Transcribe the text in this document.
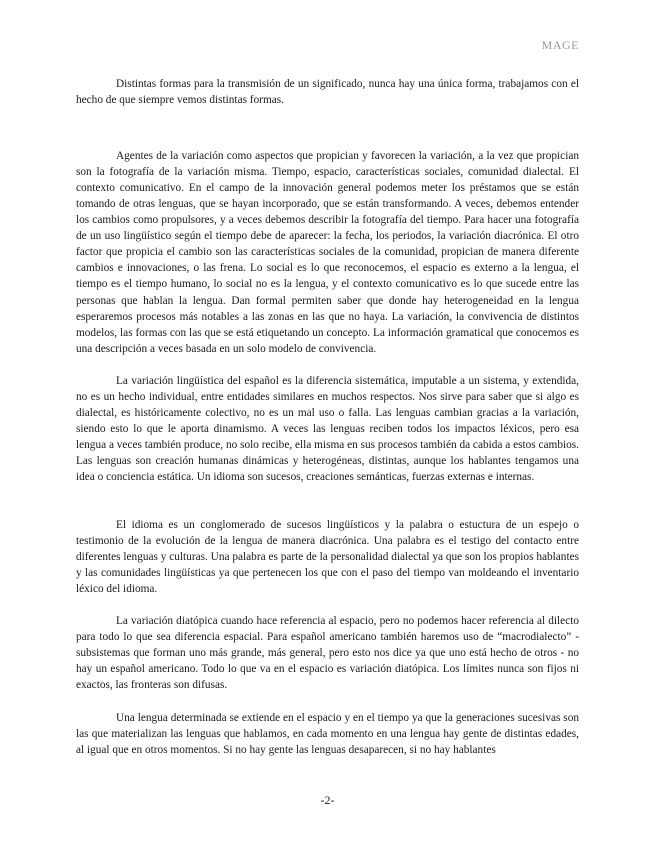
MAGE

Distintas formas para la transmisión de un significado, nunca hay una única forma, trabajamos con el hecho de que siempre vemos distintas formas.

Agentes de la variación como aspectos que propician y favorecen la variación, a la vez que propician son la fotografía de la variación misma. Tiempo, espacio, características sociales, comunidad dialectal. El contexto comunicativo. En el campo de la innovación general podemos meter los préstamos que se están tomando de otras lenguas, que se hayan incorporado, que se están transformando. A veces, debemos entender los cambios como propulsores, y a veces debemos describir la fotografía del tiempo. Para hacer una fotografía de un uso lingüístico según el tiempo debe de aparecer: la fecha, los periodos, la variación diacrónica. El otro factor que propicia el cambio son las características sociales de la comunidad, propician de manera diferente cambios e innovaciones, o las frena. Lo social es lo que reconocemos, el espacio es externo a la lengua, el tiempo es el tiempo humano, lo social no es la lengua, y el contexto comunicativo es lo que sucede entre las personas que hablan la lengua. Dan formal permiten saber que donde hay heterogeneidad en la lengua esperaremos procesos más notables a las zonas en las que no haya. La variación, la convivencia de distintos modelos, las formas con las que se está etiquetando un concepto. La información gramatical que conocemos es una descripción a veces basada en un solo modelo de convivencia.

La variación lingüística del español es la diferencia sistemática, imputable a un sistema, y extendida, no es un hecho individual, entre entidades similares en muchos respectos. Nos sirve para saber que si algo es dialectal, es históricamente colectivo, no es un mal uso o falla. Las lenguas cambian gracias a la variación, siendo esto lo que le aporta dinamismo. A veces las lenguas reciben todos los impactos léxicos, pero esa lengua a veces también produce, no solo recibe, ella misma en sus procesos también da cabida a estos cambios. Las lenguas son creación humanas dinámicas y heterogéneas, distintas, aunque los hablantes tengamos una idea o conciencia estática. Un idioma son sucesos, creaciones semánticas, fuerzas externas e internas.

El idioma es un conglomerado de sucesos lingüísticos y la palabra o estuctura de un espejo o testimonio de la evolución de la lengua de manera diacrónica. Una palabra es el testigo del contacto entre diferentes lenguas y culturas. Una palabra es parte de la personalidad dialectal ya que son los propios hablantes y las comunidades lingüísticas ya que pertenecen los que con el paso del tiempo van moldeando el inventario léxico del idioma.

La variación diatópica cuando hace referencia al espacio, pero no podemos hacer referencia al dilecto para todo lo que sea diferencia espacial. Para español americano también haremos uso de “macrodialecto” - subsistemas que forman uno más grande, más general, pero esto nos dice ya que uno está hecho de otros - no hay un español americano. Todo lo que va en el espacio es variación diatópica. Los límites nunca son fijos ni exactos, las fronteras son difusas.

Una lengua determinada se extiende en el espacio y en el tiempo ya que la generaciones sucesivas son las que materializan las lenguas que hablamos, en cada momento en una lengua hay gente de distintas edades, al igual que en otros momentos. Si no hay gente las lenguas desaparecen, si no hay hablantes

-2-
